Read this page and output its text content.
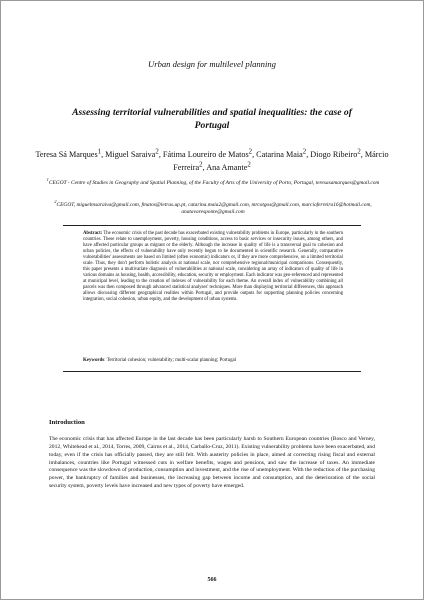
Urban design for multilevel planning
Assessing territorial vulnerabilities and spatial inequalities: the case of Portugal
Teresa Sá Marques$^1$, Miguel Saraiva$^2$, Fátima Loureiro de Matos$^2$, Catarina Maia$^2$, Diogo Ribeiro$^2$, Márcio Ferreira$^2$, Ana Amante$^2$
$^1$CEGOT - Centre of Studies in Geography and Spatial Planning, of the Faculty of Arts of the University of Porto, Portugal, teresasamarques@gmail.com
$^2$CEGOT, miguelmsaraiva@gmail.com, fmatos@letras.up.pt, catarina.maia2@gmail.com, mrcotgos@gmail.com, marcioferreira16@hotmail.com, anatavaresponte@gmail.com
Abstract: The economic crisis of the past decade has exacerbated existing vulnerability problems in Europe, particularly in the southern countries. These relate to unemployment, poverty, housing conditions, access to basic services or insecurity issues, among others, and have affected particular groups as migrant or the elderly. Although the increase in quality of life is a transversal goal to cohesion and urban policies, the effects of vulnerability have only recently begun to be documented in scientific research. Generally, comparative vulnerabilities' assessments are based on limited (often economic) indicators or, if they are more comprehensive, on a limited territorial scale. Thus, they don't perform holistic analysis at national scale, nor comprehensive regional/municipal comparisons. Consequently, this paper presents a multivariate diagnosis of vulnerabilities at national scale, considering an array of indicators of quality of life in various domains as housing, health, accessibility, education, security or employment. Each indicator was geo-referenced and represented at municipal level, leading to the creation of indexes of vulnerability for each theme. An overall index of vulnerability combining all parcels was then composed through advanced statistical analyses' techniques. More than displaying territorial differences, this approach allows discussing different geographical realities within Portugal, and provide outputs for supporting planning policies concerning integration, social cohesion, urban equity, and the development of urban systems.
Keywords: Territorial cohesion; vulnerability; multi-scalar planning; Portugal
Introduction
The economic crisis that has affected Europe in the last decade has been particularly harsh to Southern European countries (Bosco and Verney, 2012, Whitehead et al., 2014, Torres, 2009, Cairns et al., 2014, Carballo-Cruz, 2011). Existing vulnerability problems have been exacerbated, and today, even if the crisis has officially passed, they are still felt. With austerity policies in place, aimed at correcting rising fiscal and external imbalances, countries like Portugal witnessed cuts in welfare benefits, wages and pensions, and saw the increase of taxes. An immediate consequence was the slowdown of production, consumption and investment, and the rise of unemployment. With the reduction of the purchasing power, the bankruptcy of families and businesses, the increasing gap between income and consumption, and the deterioration of the social security system, poverty levels have increased and new types of poverty have emerged.
566
